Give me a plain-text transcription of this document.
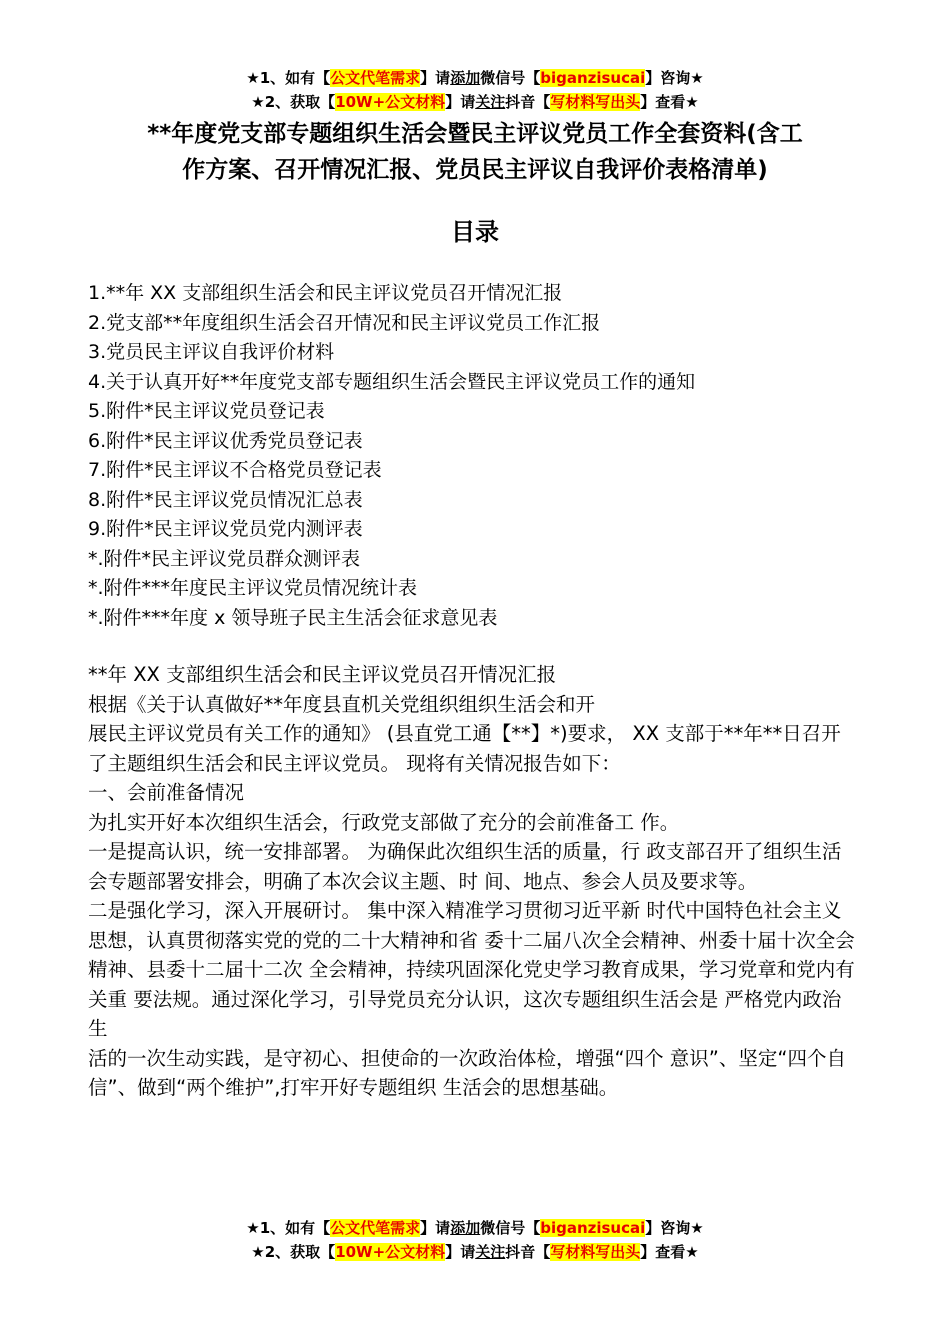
★1、如有【公文代笔需求】请添加微信号【biganzisucai】咨询★
★2、获取【10W+公文材料】请关注抖音【写材料写出头】查看★
**年度党支部专题组织生活会暨民主评议党员工作全套资料(含工
作方案、召开情况汇报、党员民主评议自我评价表格清单)
目录
1.**年 XX 支部组织生活会和民主评议党员召开情况汇报
2.党支部**年度组织生活会召开情况和民主评议党员工作汇报
3.党员民主评议自我评价材料
4.关于认真开好**年度党支部专题组织生活会暨民主评议党员工作的通知
5.附件*民主评议党员登记表
6.附件*民主评议优秀党员登记表
7.附件*民主评议不合格党员登记表
8.附件*民主评议党员情况汇总表
9.附件*民主评议党员党内测评表
*.附件*民主评议党员群众测评表
*.附件***年度民主评议党员情况统计表
*.附件***年度 x 领导班子民主生活会征求意见表

**年 XX 支部组织生活会和民主评议党员召开情况汇报

根据《关于认真做好**年度县直机关党组织组织生活会和开

展民主评议党员有关工作的通知》 (县直党工通【**】*)要求， XX 支部于**年**日召开了主题组织生活会和民主评议党员。 现将有关情况报告如下：

一、会前准备情况

为扎实开好本次组织生活会，行政党支部做了充分的会前准备工 作。

一是提高认识，统一安排部署。 为确保此次组织生活的质量，行 政支部召开了组织生活会专题部署安排会，明确了本次会议主题、时 间、地点、参会人员及要求等。

二是强化学习，深入开展研讨。 集中深入精准学习贯彻习近平新 时代中国特色社会主义思想，认真贯彻落实党的党的二十大精神和省 委十二届八次全会精神、州委十届十次全会精神、县委十二届十二次 全会精神，持续巩固深化党史学习教育成果，学习党章和党内有关重 要法规。通过深化学习，引导党员充分认识，这次专题组织生活会是 严格党内政治生

活的一次生动实践，是守初心、担使命的一次政治体检，增强“四个 意识”、坚定“四个自信”、做到“两个维护”,打牢开好专题组织 生活会的思想基础。

★1、如有【公文代笔需求】请添加微信号【biganzisucai】咨询★
★2、获取【10W+公文材料】请关注抖音【写材料写出头】查看★
